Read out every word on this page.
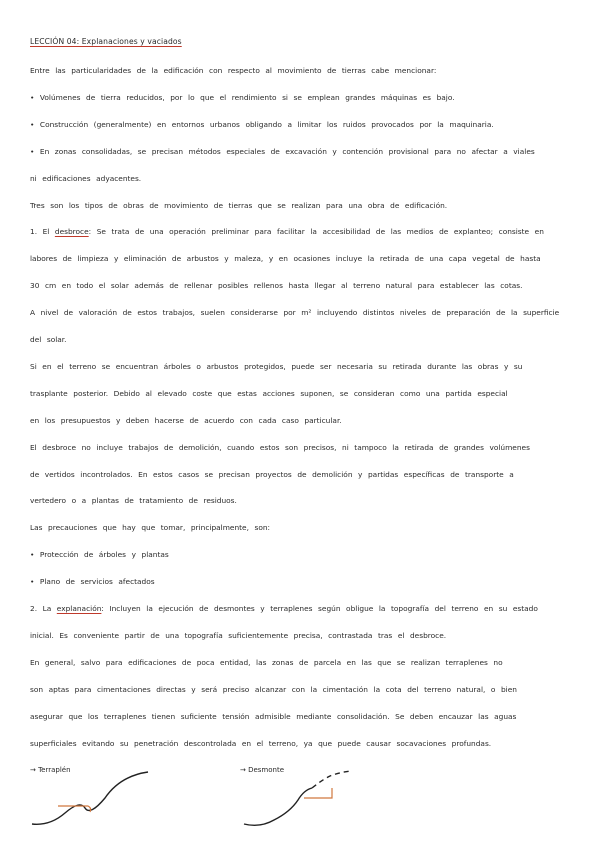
LECCIÓN 04: Explanaciones y vaciados
Entre las particularidades de la edificación con respecto al movimiento de tierras cabe mencionar:
• Volúmenes de tierra reducidos, por lo que el rendimiento si se emplean grandes máquinas es bajo.
• Construcción (generalmente) en entornos urbanos obligando a limitar los ruidos provocados por la maquinaria.
• En zonas consolidadas, se precisan métodos especiales de excavación y contención provisional para no afectar a viales
ni edificaciones adyacentes.
Tres son los tipos de obras de movimiento de tierras que se realizan para una obra de edificación.
1. El desbroce: Se trata de una operación preliminar para facilitar la accesibilidad de las medios de explanteo; consiste en
labores de limpieza y eliminación de arbustos y maleza, y en ocasiones incluye la retirada de una capa vegetal de hasta
30 cm en todo el solar además de rellenar posibles rellenos hasta llegar al terreno natural para establecer las cotas.
A nivel de valoración de estos trabajos, suelen considerarse por m² incluyendo distintos niveles de preparación de la superficie
del solar.
Si en el terreno se encuentran árboles o arbustos protegidos, puede ser necesaria su retirada durante las obras y su
trasplante posterior. Debido al elevado coste que estas acciones suponen, se consideran como una partida especial
en los presupuestos y deben hacerse de acuerdo con cada caso particular.
El desbroce no incluye trabajos de demolición, cuando estos son precisos, ni tampoco la retirada de grandes volúmenes
de vertidos incontrolados. En estos casos se precisan proyectos de demolición y partidas específicas de transporte a
vertedero o a plantas de tratamiento de residuos.
Las precauciones que hay que tomar, principalmente, son:
• Protección de árboles y plantas
• Plano de servicios afectados
2. La explanación: Incluyen la ejecución de desmontes y terraplenes según obligue la topografía del terreno en su estado
inicial. Es conveniente partir de una topografía suficientemente precisa, contrastada tras el desbroce.
En general, salvo para edificaciones de poca entidad, las zonas de parcela en las que se realizan terraplenes no
son aptas para cimentaciones directas y será preciso alcanzar con la cimentación la cota del terreno natural, o bien
asegurar que los terraplenes tienen suficiente tensión admisible mediante consolidación. Se deben encauzar las aguas
superficiales evitando su penetración descontrolada en el terreno, ya que puede causar socavaciones profundas.
→ Terraplén	→ Desmonte
